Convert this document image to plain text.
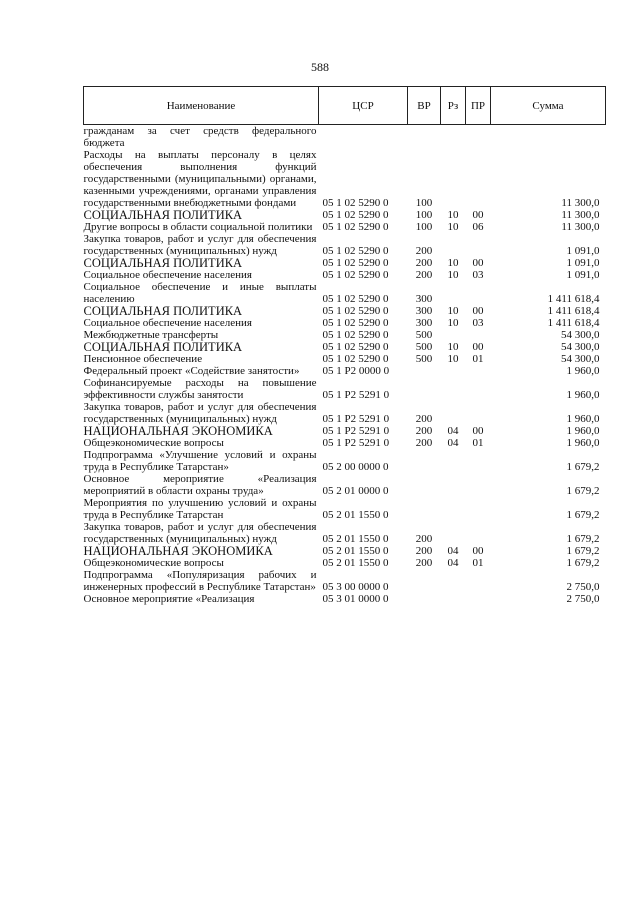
588
Наименование	ЦСР	ВР	Рз	ПР	Сумма
гражданам за счет средств федерального бюджета					
Расходы на выплаты персоналу в целях обеспечения выполнения функций государственными (муниципальными) органами, казенными учреждениями, органами управления государственными внебюджетными фондами	05 1 02 5290 0	100			11 300,0
СОЦИАЛЬНАЯ ПОЛИТИКА	05 1 02 5290 0	100	10	00	11 300,0
Другие вопросы в области социальной политики	05 1 02 5290 0	100	10	06	11 300,0
Закупка товаров, работ и услуг для обеспечения государственных (муниципальных) нужд	05 1 02 5290 0	200			1 091,0
СОЦИАЛЬНАЯ ПОЛИТИКА	05 1 02 5290 0	200	10	00	1 091,0
Социальное обеспечение населения	05 1 02 5290 0	200	10	03	1 091,0
Социальное обеспечение и иные выплаты населению	05 1 02 5290 0	300			1 411 618,4
СОЦИАЛЬНАЯ ПОЛИТИКА	05 1 02 5290 0	300	10	00	1 411 618,4
Социальное обеспечение населения	05 1 02 5290 0	300	10	03	1 411 618,4
Межбюджетные трансферты	05 1 02 5290 0	500			54 300,0
СОЦИАЛЬНАЯ ПОЛИТИКА	05 1 02 5290 0	500	10	00	54 300,0
Пенсионное обеспечение	05 1 02 5290 0	500	10	01	54 300,0
Федеральный проект «Содействие занятости»	05 1 P2 0000 0				1 960,0
Софинансируемые расходы на повышение эффективности службы занятости	05 1 P2 5291 0				1 960,0
Закупка товаров, работ и услуг для обеспечения государственных (муниципальных) нужд	05 1 P2 5291 0	200			1 960,0
НАЦИОНАЛЬНАЯ ЭКОНОМИКА	05 1 P2 5291 0	200	04	00	1 960,0
Общеэкономические вопросы	05 1 P2 5291 0	200	04	01	1 960,0
Подпрограмма «Улучшение условий и охраны труда в Республике Татарстан»	05 2 00 0000 0				1 679,2
Основное мероприятие «Реализация мероприятий в области охраны труда»	05 2 01 0000 0				1 679,2
Мероприятия по улучшению условий и охраны труда в Республике Татарстан	05 2 01 1550 0				1 679,2
Закупка товаров, работ и услуг для обеспечения государственных (муниципальных) нужд	05 2 01 1550 0	200			1 679,2
НАЦИОНАЛЬНАЯ ЭКОНОМИКА	05 2 01 1550 0	200	04	00	1 679,2
Общеэкономические вопросы	05 2 01 1550 0	200	04	01	1 679,2
Подпрограмма «Популяризация рабочих и инженерных профессий в Республике Татарстан»	05 3 00 0000 0				2 750,0
Основное мероприятие «Реализация	05 3 01 0000 0				2 750,0
